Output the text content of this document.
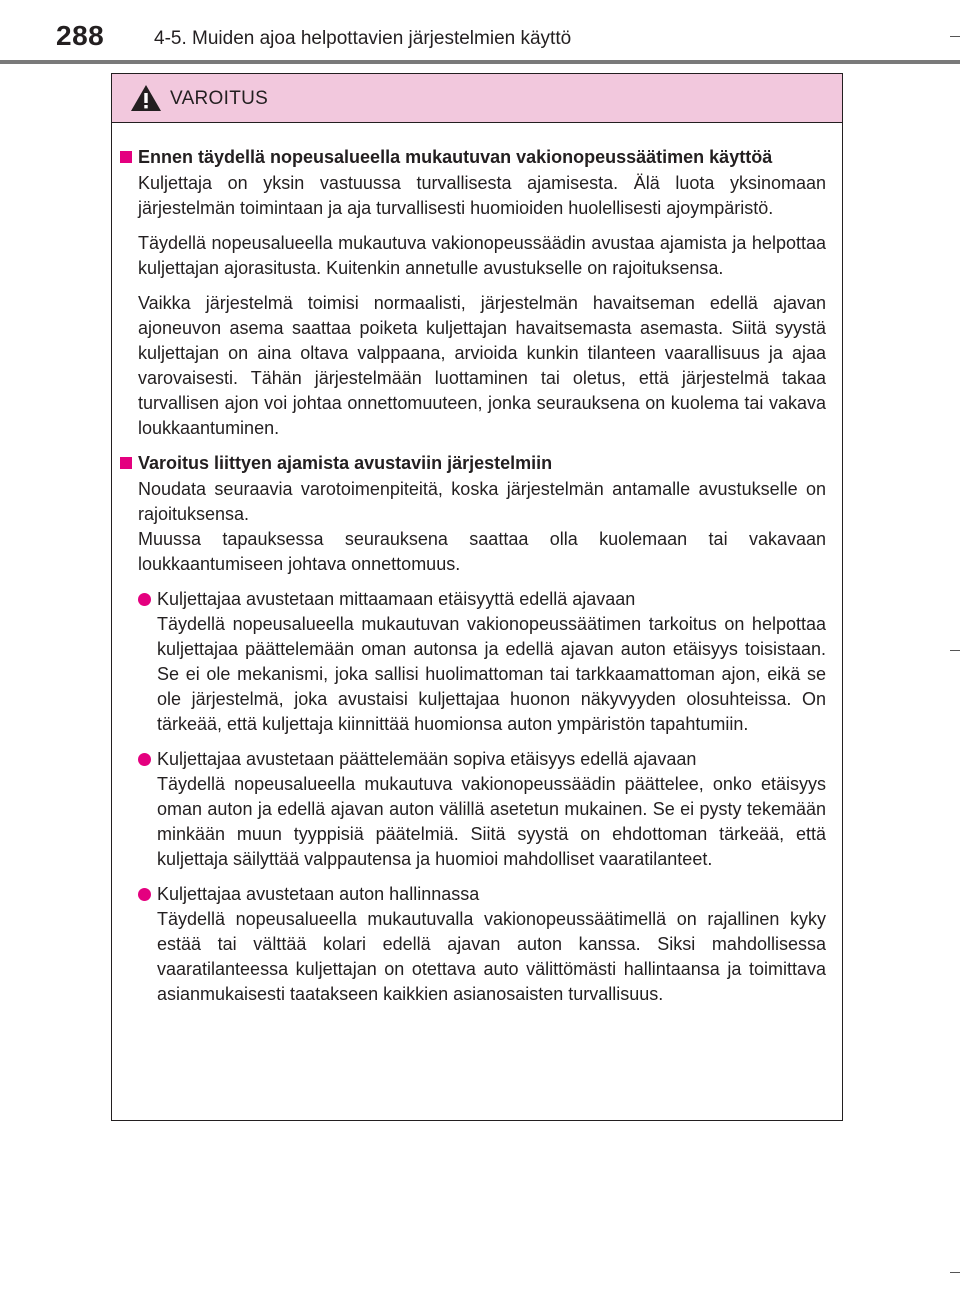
288	4-5. Muiden ajoa helpottavien järjestelmien käyttö
VAROITUS
Ennen täydellä nopeusalueella mukautuvan vakionopeussäätimen käyttöä
Kuljettaja on yksin vastuussa turvallisesta ajamisesta. Älä luota yksinomaan järjestelmän toimintaan ja aja turvallisesti huomioiden huolellisesti ajoympäristö.
Täydellä nopeusalueella mukautuva vakionopeussäädin avustaa ajamista ja helpottaa kuljettajan ajorasitusta. Kuitenkin annetulle avustukselle on rajoituksensa.
Vaikka järjestelmä toimisi normaalisti, järjestelmän havaitseman edellä ajavan ajoneuvon asema saattaa poiketa kuljettajan havaitsemasta asemasta. Siitä syystä kuljettajan on aina oltava valppaana, arvioida kunkin tilanteen vaarallisuus ja ajaa varovaisesti. Tähän järjestelmään luottaminen tai oletus, että järjestelmä takaa turvallisen ajon voi johtaa onnettomuuteen, jonka seurauksena on kuolema tai vakava loukkaantuminen.
Varoitus liittyen ajamista avustaviin järjestelmiin
Noudata seuraavia varotoimenpiteitä, koska järjestelmän antamalle avustukselle on rajoituksensa.
Muussa tapauksessa seurauksena saattaa olla kuolemaan tai vakavaan loukkaantumiseen johtava onnettomuus.
Kuljettajaa avustetaan mittaamaan etäisyyttä edellä ajavaan
Täydellä nopeusalueella mukautuvan vakionopeussäätimen tarkoitus on helpottaa kuljettajaa päättelemään oman autonsa ja edellä ajavan auton etäisyys toisistaan. Se ei ole mekanismi, joka sallisi huolimattoman tai tarkkaamattoman ajon, eikä se ole järjestelmä, joka avustaisi kuljettajaa huonon näkyvyyden olosuhteissa. On tärkeää, että kuljettaja kiinnittää huomionsa auton ympäristön tapahtumiin.
Kuljettajaa avustetaan päättelemään sopiva etäisyys edellä ajavaan
Täydellä nopeusalueella mukautuva vakionopeussäädin päättelee, onko etäisyys oman auton ja edellä ajavan auton välillä asetetun mukainen. Se ei pysty tekemään minkään muun tyyppisiä päätelmiä. Siitä syystä on ehdottoman tärkeää, että kuljettaja säilyttää valppautensa ja huomioi mahdolliset vaaratilanteet.
Kuljettajaa avustetaan auton hallinnassa
Täydellä nopeusalueella mukautuvalla vakionopeussäätimellä on rajallinen kyky estää tai välttää kolari edellä ajavan auton kanssa. Siksi mahdollisessa vaaratilanteessa kuljettajan on otettava auto välittömästi hallintaansa ja toimittava asianmukaisesti taatakseen kaikkien asianosaisten turvallisuus.
